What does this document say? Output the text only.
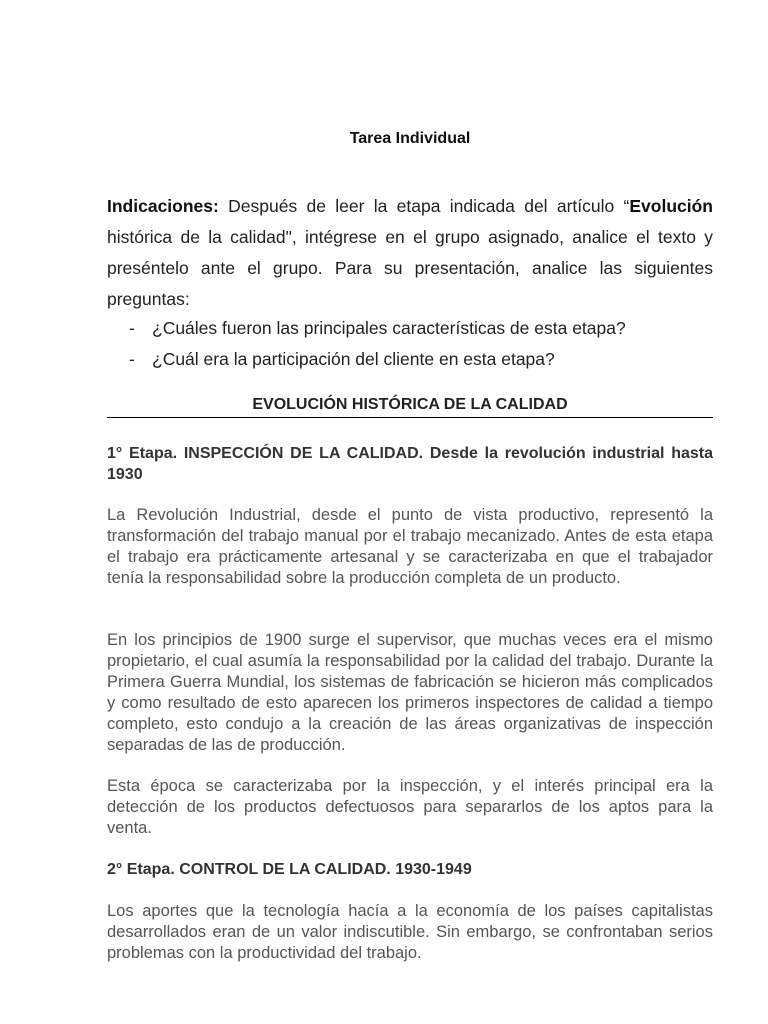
Tarea Individual
Indicaciones: Después de leer la etapa indicada del artículo “Evolución histórica de la calidad", intégrese en el grupo asignado, analice el texto y preséntelo ante el grupo. Para su presentación, analice las siguientes preguntas:
- ¿Cuáles fueron las principales características de esta etapa?
- ¿Cuál era la participación del cliente en esta etapa?
EVOLUCIÓN HISTÓRICA DE LA CALIDAD
1° Etapa. INSPECCIÓN DE LA CALIDAD. Desde la revolución industrial hasta 1930
La Revolución Industrial, desde el punto de vista productivo, representó la transformación del trabajo manual por el trabajo mecanizado. Antes de esta etapa el trabajo era prácticamente artesanal y se caracterizaba en que el trabajador tenía la responsabilidad sobre la producción completa de un producto.
En los principios de 1900 surge el supervisor, que muchas veces era el mismo propietario, el cual asumía la responsabilidad por la calidad del trabajo. Durante la Primera Guerra Mundial, los sistemas de fabricación se hicieron más complicados y como resultado de esto aparecen los primeros inspectores de calidad a tiempo completo, esto condujo a la creación de las áreas organizativas de inspección separadas de las de producción.
Esta época se caracterizaba por la inspección, y el interés principal era la detección de los productos defectuosos para separarlos de los aptos para la venta.
2° Etapa. CONTROL DE LA CALIDAD. 1930-1949
Los aportes que la tecnología hacía a la economía de los países capitalistas desarrollados eran de un valor indiscutible. Sin embargo, se confrontaban serios problemas con la productividad del trabajo.
